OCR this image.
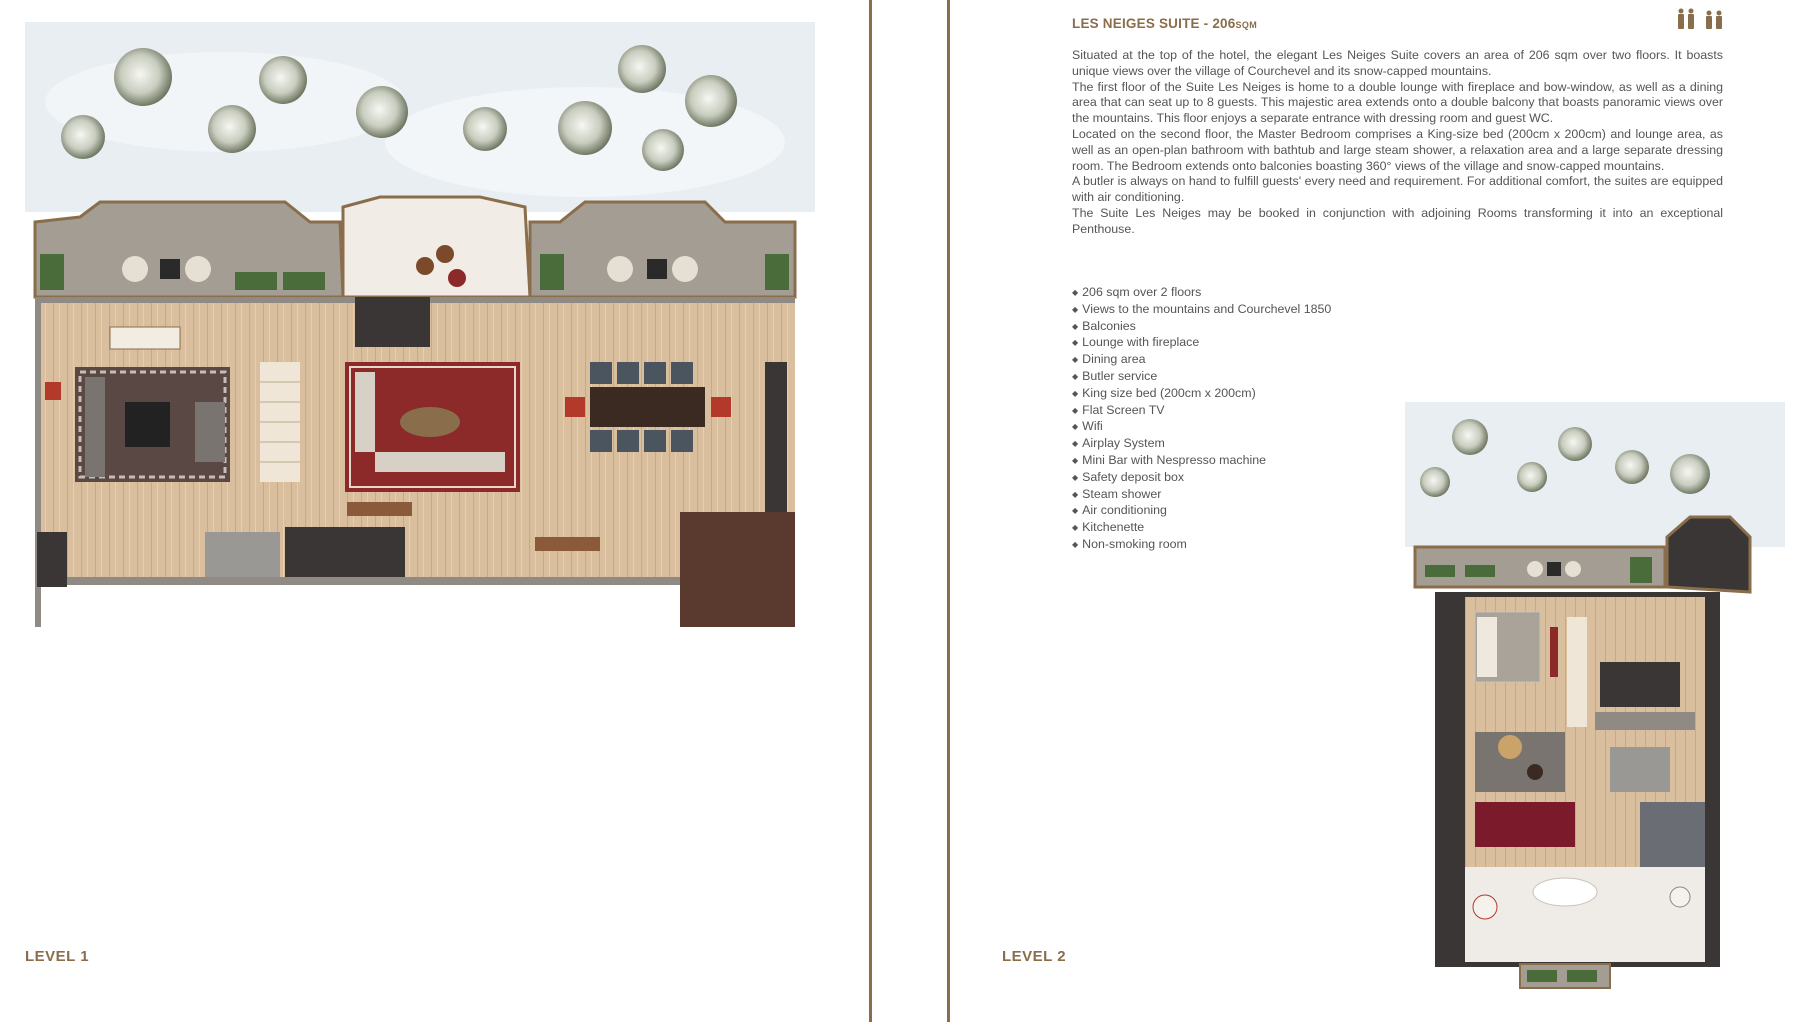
LEVEL 1
LES NEIGES SUITE - 206SQM

Situated at the top of the hotel, the elegant Les Neiges Suite covers an area of 206 sqm over two floors. It boasts unique views over the village of Courchevel and its snow-capped mountains.

The first floor of the Suite Les Neiges is home to a double lounge with fireplace and bow-window, as well as a dining area that can seat up to 8 guests. This majestic area extends onto a double balcony that boasts panoramic views over the mountains. This floor enjoys a separate entrance with dressing room and guest WC.

Located on the second floor, the Master Bedroom comprises a King-size bed (200cm x 200cm) and lounge area, as well as an open-plan bathroom with bathtub and large steam shower, a relaxation area and a large separate dressing room. The Bedroom extends onto balconies boasting 360° views of the village and snow-capped mountains.

A butler is always on hand to fulfill guests' every need and requirement. For additional comfort, the suites are equipped with air conditioning.

The Suite Les Neiges may be booked in conjunction with adjoining Rooms transforming it into an exceptional Penthouse.

◆ 206 sqm over 2 floors
◆ Views to the mountains and Courchevel 1850
◆ Balconies
◆ Lounge with fireplace
◆ Dining area
◆ Butler service
◆ King size bed (200cm x 200cm)
◆ Flat Screen TV
◆ Wifi
◆ Airplay System
◆ Mini Bar with Nespresso machine
◆ Safety deposit box
◆ Steam shower
◆ Air conditioning
◆ Kitchenette
◆ Non-smoking room
LEVEL 2
